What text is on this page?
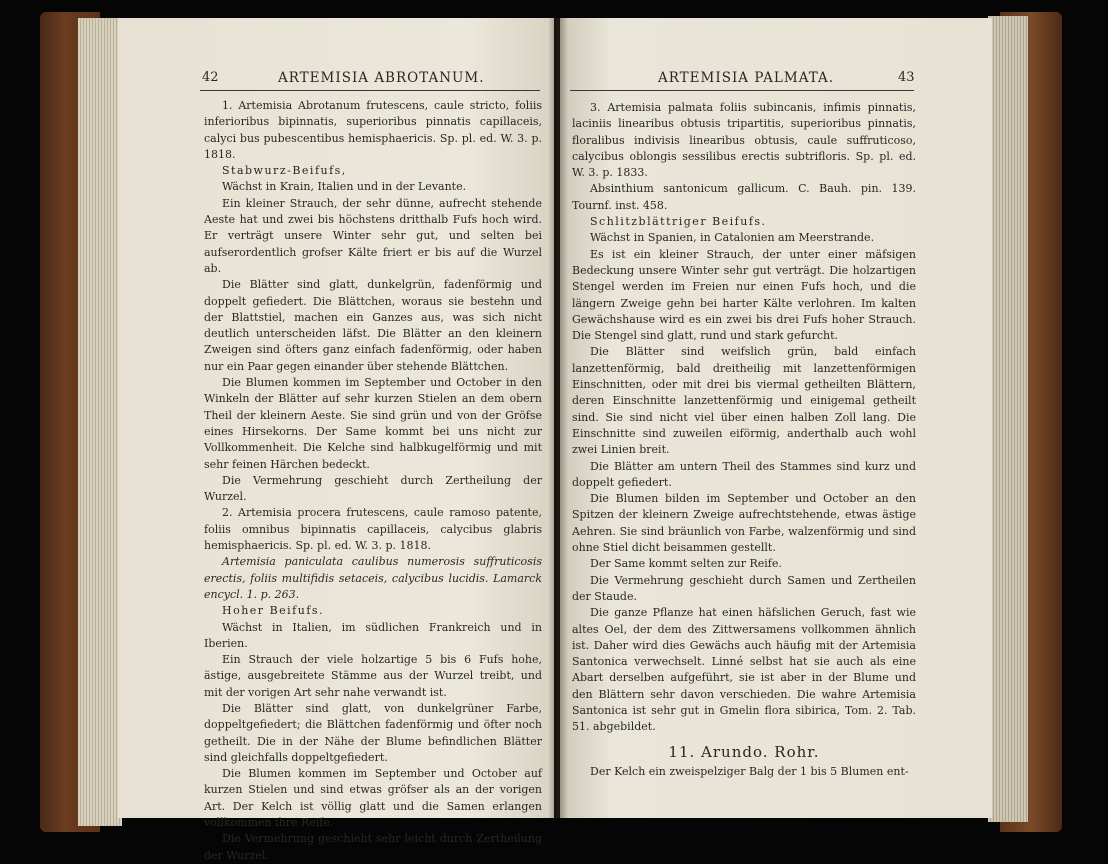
42	ARTEMISIA ABROTANUM.

1. Artemisia Abrotanum frutescens, caule stricto, foliis inferioribus bipinnatis, superioribus pinnatis capillaceis, calyci bus pubescentibus hemisphaericis. Sp. pl. ed. W. 3. p. 1818.

Stabwurz-Beifufs,

Wächst in Krain, Italien und in der Levante.

Ein kleiner Strauch, der sehr dünne, aufrecht stehende Aeste hat und zwei bis höchstens dritthalb Fufs hoch wird. Er verträgt unsere Winter sehr gut, und selten bei aufserordentlich grofser Kälte friert er bis auf die Wurzel ab.

Die Blätter sind glatt, dunkelgrün, fadenförmig und doppelt gefiedert. Die Blättchen, woraus sie bestehn und der Blattstiel, machen ein Ganzes aus, was sich nicht deutlich unterscheiden läfst. Die Blätter an den kleinern Zweigen sind öfters ganz einfach fadenförmig, oder haben nur ein Paar gegen einander über stehende Blättchen.

Die Blumen kommen im September und October in den Winkeln der Blätter auf sehr kurzen Stielen an dem obern Theil der kleinern Aeste. Sie sind grün und von der Gröfse eines Hirsekorns. Der Same kommt bei uns nicht zur Vollkommenheit. Die Kelche sind halbkugelförmig und mit sehr feinen Härchen bedeckt.

Die Vermehrung geschieht durch Zertheilung der Wurzel.

2. Artemisia procera frutescens, caule ramoso patente, foliis omnibus bipinnatis capillaceis, calycibus glabris hemisphaericis. Sp. pl. ed. W. 3. p. 1818.

Artemisia paniculata caulibus numerosis suffruticosis erectis, foliis multifidis setaceis, calycibus lucidis. Lamarck encycl. 1. p. 263.

Hoher Beifufs.

Wächst in Italien, im südlichen Frankreich und in Iberien.

Ein Strauch der viele holzartige 5 bis 6 Fufs hohe, ästige, ausgebreitete Stämme aus der Wurzel treibt, und mit der vorigen Art sehr nahe verwandt ist.

Die Blätter sind glatt, von dunkelgrüner Farbe, doppeltgefiedert; die Blättchen fadenförmig und öfter noch getheilt. Die in der Nähe der Blume befindlichen Blätter sind gleichfalls doppeltgefiedert.

Die Blumen kommen im September und October auf kurzen Stielen und sind etwas gröfser als an der vorigen Art. Der Kelch ist völlig glatt und die Samen erlangen vollkommen ihre Reife.

Die Vermehrung geschieht sehr leicht durch Zertheilung der Wurzel.

ARTEMISIA PALMATA.	43

3. Artemisia palmata foliis subincanis, infimis pinnatis, laciniis linearibus obtusis tripartitis, superioribus pinnatis, floralibus indivisis linearibus obtusis, caule suffruticoso, calycibus oblongis sessilibus erectis subtrifloris. Sp. pl. ed. W. 3. p. 1833.

Absinthium santonicum gallicum. C. Bauh. pin. 139. Tournf. inst. 458.

Schlitzblättriger Beifufs.

Wächst in Spanien, in Catalonien am Meerstrande.

Es ist ein kleiner Strauch, der unter einer mäfsigen Bedeckung unsere Winter sehr gut verträgt. Die holzartigen Stengel werden im Freien nur einen Fufs hoch, und die längern Zweige gehn bei harter Kälte verlohren. Im kalten Gewächshause wird es ein zwei bis drei Fufs hoher Strauch. Die Stengel sind glatt, rund und stark gefurcht.

Die Blätter sind weifslich grün, bald einfach lanzettenförmig, bald dreitheilig mit lanzettenförmigen Einschnitten, oder mit drei bis viermal getheilten Blättern, deren Einschnitte lanzettenförmig und einigemal getheilt sind. Sie sind nicht viel über einen halben Zoll lang. Die Einschnitte sind zuweilen eiförmig, anderthalb auch wohl zwei Linien breit.

Die Blätter am untern Theil des Stammes sind kurz und doppelt gefiedert.

Die Blumen bilden im September und October an den Spitzen der kleinern Zweige aufrechtstehende, etwas ästige Aehren. Sie sind bräunlich von Farbe, walzenförmig und sind ohne Stiel dicht beisammen gestellt.

Der Same kommt selten zur Reife.

Die Vermehrung geschieht durch Samen und Zertheilen der Staude.

Die ganze Pflanze hat einen häfslichen Geruch, fast wie altes Oel, der dem des Zittwersamens vollkommen ähnlich ist. Daher wird dies Gewächs auch häufig mit der Artemisia Santonica verwechselt. Linné selbst hat sie auch als eine Abart derselben aufgeführt, sie ist aber in der Blume und den Blättern sehr davon verschieden. Die wahre Artemisia Santonica ist sehr gut in Gmelin flora sibirica, Tom. 2. Tab. 51. abgebildet.

11. Arundo. Rohr.

Der Kelch ein zweispelziger Balg der 1 bis 5 Blumen ent-
